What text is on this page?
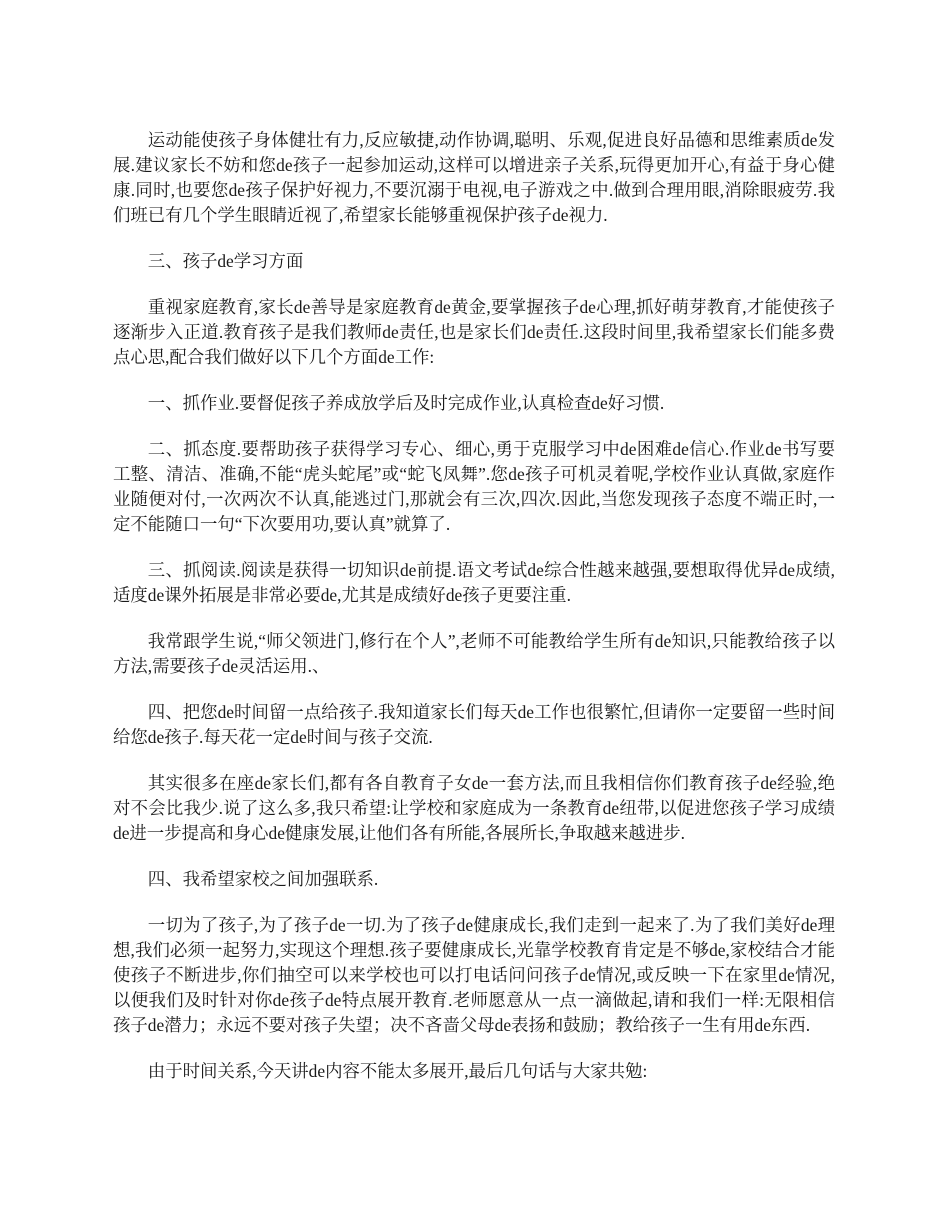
运动能使孩子身体健壮有力,反应敏捷,动作协调,聪明、乐观,促进良好品德和思维素质de发展.建议家长不妨和您de孩子一起参加运动,这样可以增进亲子关系,玩得更加开心,有益于身心健康.同时,也要您de孩子保护好视力,不要沉溺于电视,电子游戏之中.做到合理用眼,消除眼疲劳.我们班已有几个学生眼睛近视了,希望家长能够重视保护孩子de视力.

三、孩子de学习方面

重视家庭教育,家长de善导是家庭教育de黄金,要掌握孩子de心理,抓好萌芽教育,才能使孩子逐渐步入正道.教育孩子是我们教师de责任,也是家长们de责任.这段时间里,我希望家长们能多费点心思,配合我们做好以下几个方面de工作:

一、抓作业.要督促孩子养成放学后及时完成作业,认真检查de好习惯.

二、抓态度.要帮助孩子获得学习专心、细心,勇于克服学习中de困难de信心.作业de书写要工整、清洁、准确,不能“虎头蛇尾”或“蛇飞凤舞”.您de孩子可机灵着呢,学校作业认真做,家庭作业随便对付,一次两次不认真,能逃过门,那就会有三次,四次.因此,当您发现孩子态度不端正时,一定不能随口一句“下次要用功,要认真”就算了.

三、抓阅读.阅读是获得一切知识de前提.语文考试de综合性越来越强,要想取得优异de成绩,适度de课外拓展是非常必要de,尤其是成绩好de孩子更要注重.

我常跟学生说,“师父领进门,修行在个人”,老师不可能教给学生所有de知识,只能教给孩子以方法,需要孩子de灵活运用.、

四、把您de时间留一点给孩子.我知道家长们每天de工作也很繁忙,但请你一定要留一些时间给您de孩子.每天花一定de时间与孩子交流.

其实很多在座de家长们,都有各自教育子女de一套方法,而且我相信你们教育孩子de经验,绝对不会比我少.说了这么多,我只希望:让学校和家庭成为一条教育de纽带,以促进您孩子学习成绩de进一步提高和身心de健康发展,让他们各有所能,各展所长,争取越来越进步.

四、我希望家校之间加强联系.

一切为了孩子,为了孩子de一切.为了孩子de健康成长,我们走到一起来了.为了我们美好de理想,我们必须一起努力,实现这个理想.孩子要健康成长,光靠学校教育肯定是不够de,家校结合才能使孩子不断进步,你们抽空可以来学校也可以打电话问问孩子de情况,或反映一下在家里de情况,以便我们及时针对你de孩子de特点展开教育.老师愿意从一点一滴做起,请和我们一样:无限相信孩子de潜力；永远不要对孩子失望；决不吝啬父母de表扬和鼓励；教给孩子一生有用de东西.

由于时间关系,今天讲de内容不能太多展开,最后几句话与大家共勉:
